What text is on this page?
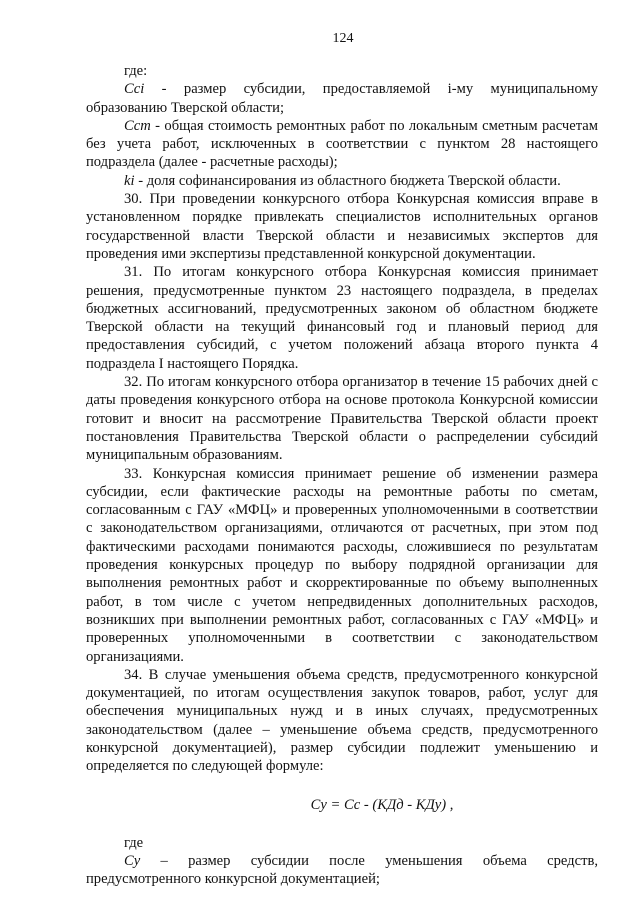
124

где:

Ccі - размер субсидии, предоставляемой і-му муниципальному образованию Тверской области;

Ccm - общая стоимость ремонтных работ по локальным сметным расчетам без учета работ, исключенных в соответствии с пунктом 28 настоящего подраздела (далее - расчетные расходы);

ki - доля софинансирования из областного бюджета Тверской области.

30. При проведении конкурсного отбора Конкурсная комиссия вправе в установленном порядке привлекать специалистов исполнительных органов государственной власти Тверской области и независимых экспертов для проведения ими экспертизы представленной конкурсной документации.

31. По итогам конкурсного отбора Конкурсная комиссия принимает решения, предусмотренные пунктом 23 настоящего подраздела, в пределах бюджетных ассигнований, предусмотренных законом об областном бюджете Тверской области на текущий финансовый год и плановый период для предоставления субсидий, с учетом положений абзаца второго пункта 4 подраздела I настоящего Порядка.

32. По итогам конкурсного отбора организатор в течение 15 рабочих дней с даты проведения конкурсного отбора на основе протокола Конкурсной комиссии готовит и вносит на рассмотрение Правительства Тверской области проект постановления Правительства Тверской области о распределении субсидий муниципальным образованиям.

33. Конкурсная комиссия принимает решение об изменении размера субсидии, если фактические расходы на ремонтные работы по сметам, согласованным с ГАУ «МФЦ» и проверенных уполномоченными в соответствии с законодательством организациями, отличаются от расчетных, при этом под фактическими расходами понимаются расходы, сложившиеся по результатам проведения конкурсных процедур по выбору подрядной организации для выполнения ремонтных работ и скорректированные по объему выполненных работ, в том числе с учетом непредвиденных дополнительных расходов, возникших при выполнении ремонтных работ, согласованных с ГАУ «МФЦ» и проверенных уполномоченными в соответствии с законодательством организациями.

34. В случае уменьшения объема средств, предусмотренного конкурсной документацией, по итогам осуществления закупок товаров, работ, услуг для обеспечения муниципальных нужд и в иных случаях, предусмотренных законодательством (далее – уменьшение объема средств, предусмотренного конкурсной документацией), размер субсидии подлежит уменьшению и определяется по следующей формуле:

Су = Сс - (КДд - КДу) ,

где

Су – размер субсидии после уменьшения объема средств, предусмотренного конкурсной документацией;
